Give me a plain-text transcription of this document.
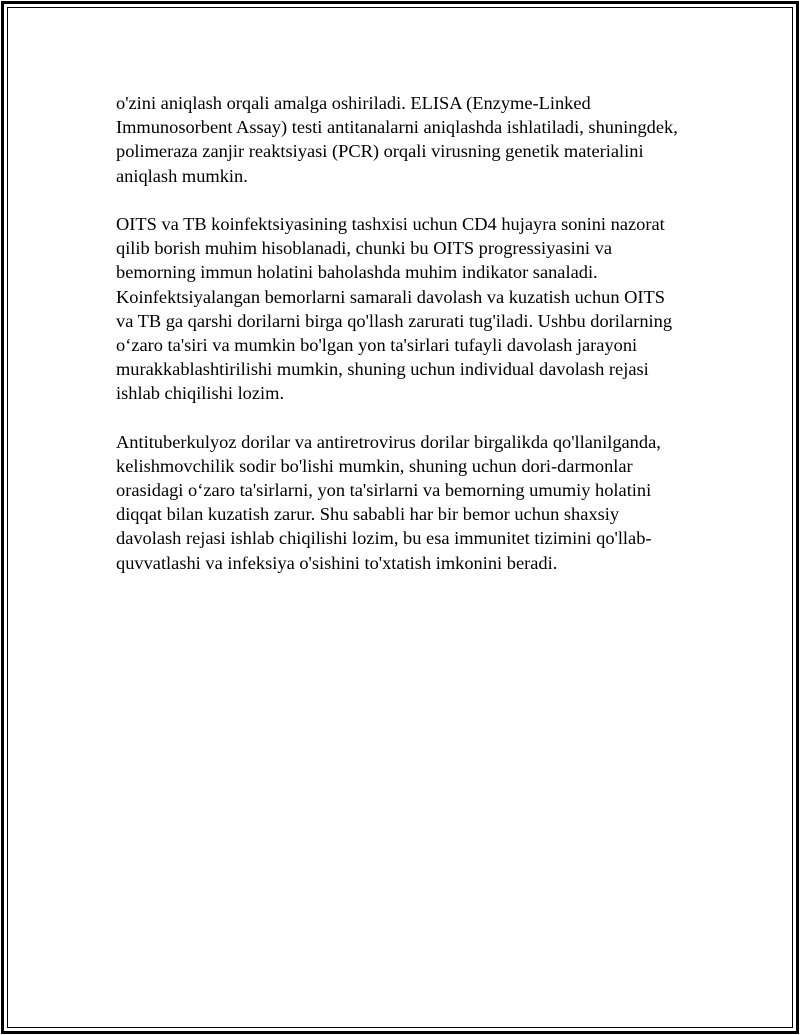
o'zini aniqlash orqali amalga oshiriladi. ELISA (Enzyme-Linked
Immunosorbent Assay) testi antitanalarni aniqlashda ishlatiladi, shuningdek,
polimeraza zanjir reaktsiyasi (PCR) orqali virusning genetik materialini
aniqlash mumkin.
OITS va TB koinfektsiyasining tashxisi uchun CD4 hujayra sonini nazorat
qilib borish muhim hisoblanadi, chunki bu OITS progressiyasini va
bemorning immun holatini baholashda muhim indikator sanaladi.
Koinfektsiyalangan bemorlarni samarali davolash va kuzatish uchun OITS
va TB ga qarshi dorilarni birga qo'llash zarurati tug'iladi. Ushbu dorilarning
o‘zaro ta'siri va mumkin bo'lgan yon ta'sirlari tufayli davolash jarayoni
murakkablashtirilishi mumkin, shuning uchun individual davolash rejasi
ishlab chiqilishi lozim.
Antituberkulyoz dorilar va antiretrovirus dorilar birgalikda qo'llanilganda,
kelishmovchilik sodir bo'lishi mumkin, shuning uchun dori-darmonlar
orasidagi o‘zaro ta'sirlarni, yon ta'sirlarni va bemorning umumiy holatini
diqqat bilan kuzatish zarur. Shu sababli har bir bemor uchun shaxsiy
davolash rejasi ishlab chiqilishi lozim, bu esa immunitet tizimini qo'llab-
quvvatlashi va infeksiya o'sishini to'xtatish imkonini beradi.
